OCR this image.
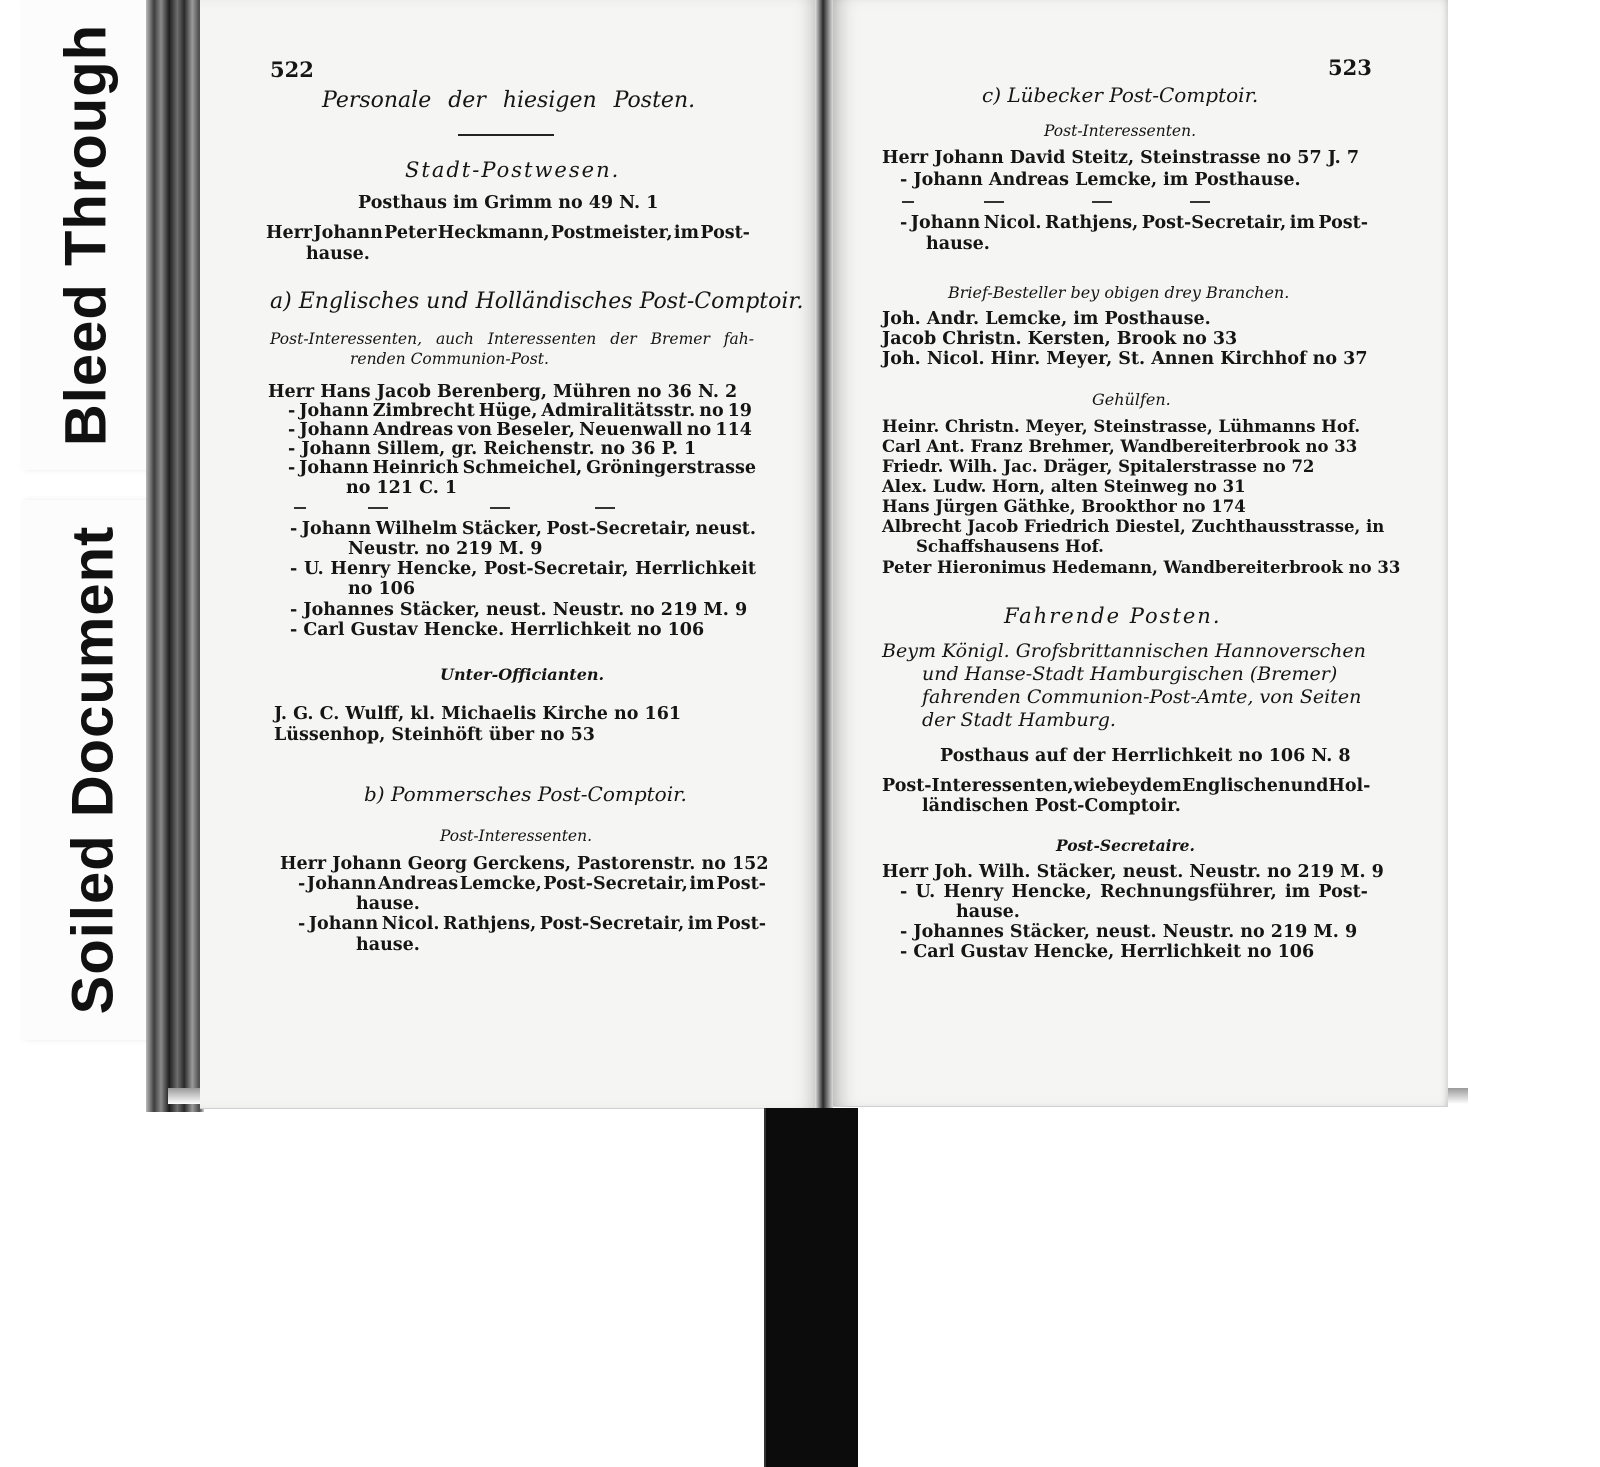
Bleed Through
Soiled Document
522
Personale der hiesigen Posten.
Stadt-Postwesen.
Posthaus im Grimm no 49 N. 1
Herr Johann Peter Heckmann, Postmeister, im Post-
hause.
a) Englisches und Holländisches Post-Comptoir.
Post-Interessenten, auch Interessenten der Bremer fah-
renden Communion-Post.
Herr Hans Jacob Berenberg, Mühren no 36 N. 2
- Johann Zimbrecht Hüge, Admiralitätsstr. no 19
- Johann Andreas von Beseler, Neuenwall no 114
- Johann Sillem, gr. Reichenstr. no 36 P. 1
- Johann Heinrich Schmeichel, Gröningerstrasse
no 121 C. 1
- Johann Wilhelm Stäcker, Post-Secretair, neust.
Neustr. no 219 M. 9
- U. Henry Hencke, Post-Secretair, Herrlichkeit
no 106
- Johannes Stäcker, neust. Neustr. no 219 M. 9
- Carl Gustav Hencke. Herrlichkeit no 106
Unter-Officianten.
J. G. C. Wulff, kl. Michaelis Kirche no 161
Lüssenhop, Steinhöft über no 53
b) Pommersches Post-Comptoir.
Post-Interessenten.
Herr Johann Georg Gerckens, Pastorenstr. no 152
- Johann Andreas Lemcke, Post-Secretair, im Post-
hause.
- Johann Nicol. Rathjens, Post-Secretair, im Post-
hause.
523
c) Lübecker Post-Comptoir.
Post-Interessenten.
Herr Johann David Steitz, Steinstrasse no 57 J. 7
- Johann Andreas Lemcke, im Posthause.
- Johann Nicol. Rathjens, Post-Secretair, im Post-
hause.
Brief-Besteller bey obigen drey Branchen.
Joh. Andr. Lemcke, im Posthause.
Jacob Christn. Kersten, Brook no 33
Joh. Nicol. Hinr. Meyer, St. Annen Kirchhof no 37
Gehülfen.
Heinr. Christn. Meyer, Steinstrasse, Lühmanns Hof.
Carl Ant. Franz Brehmer, Wandbereiterbrook no 33
Friedr. Wilh. Jac. Dräger, Spitalerstrasse no 72
Alex. Ludw. Horn, alten Steinweg no 31
Hans Jürgen Gäthke, Brookthor no 174
Albrecht Jacob Friedrich Diestel, Zuchthausstrasse, in
Schaffshausens Hof.
Peter Hieronimus Hedemann, Wandbereiterbrook no 33
Fahrende Posten.
Beym Königl. Grofsbrittannischen Hannoverschen
und Hanse-Stadt Hamburgischen (Bremer)
fahrenden Communion-Post-Amte, von Seiten
der Stadt Hamburg.
Posthaus auf der Herrlichkeit no 106 N. 8
Post-Interessenten, wie bey dem Englischen und Hol-
ländischen Post-Comptoir.
Post-Secretaire.
Herr Joh. Wilh. Stäcker, neust. Neustr. no 219 M. 9
- U. Henry Hencke, Rechnungsführer, im Post-
hause.
- Johannes Stäcker, neust. Neustr. no 219 M. 9
- Carl Gustav Hencke, Herrlichkeit no 106
